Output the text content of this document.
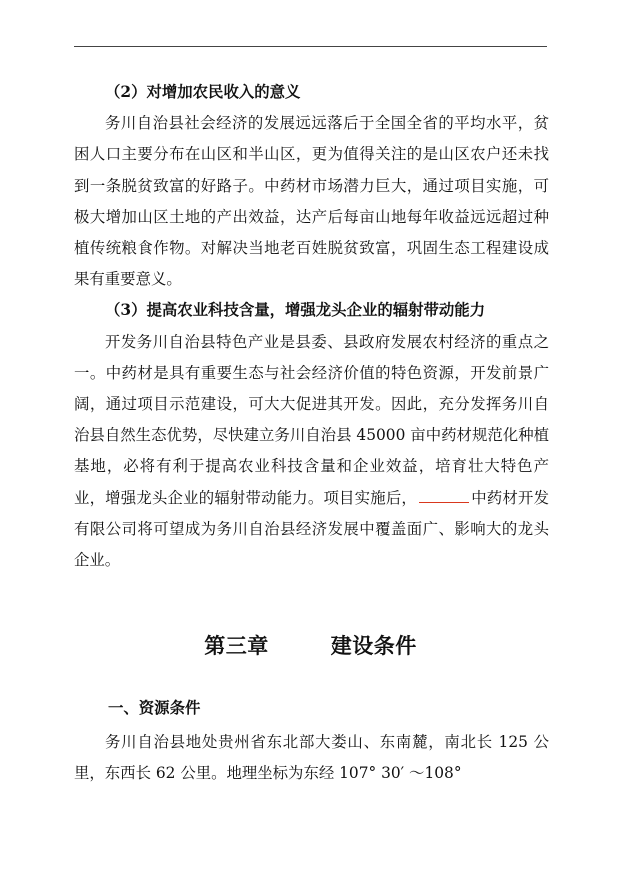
（2）对增加农民收入的意义

务川自治县社会经济的发展远远落后于全国全省的平均水平，贫困人口主要分布在山区和半山区，更为值得关注的是山区农户还未找到一条脱贫致富的好路子。中药材市场潜力巨大，通过项目实施，可极大增加山区土地的产出效益，达产后每亩山地每年收益远远超过种植传统粮食作物。对解决当地老百姓脱贫致富，巩固生态工程建设成果有重要意义。

（3）提高农业科技含量，增强龙头企业的辐射带动能力

开发务川自治县特色产业是县委、县政府发展农村经济的重点之一。中药材是具有重要生态与社会经济价值的特色资源，开发前景广阔，通过项目示范建设，可大大促进其开发。因此，充分发挥务川自治县自然生态优势，尽快建立务川自治县 45000 亩中药材规范化种植基地，必将有利于提高农业科技含量和企业效益，培育壮大特色产业，增强龙头企业的辐射带动能力。项目实施后，	中药材开发有限公司将可望成为务川自治县经济发展中覆盖面广、影响大的龙头企业。

第三章	建设条件
一、资源条件

务川自治县地处贵州省东北部大娄山、东南麓，南北长 125 公里，东西长 62 公里。地理坐标为东经 107° 30′ ～108°
